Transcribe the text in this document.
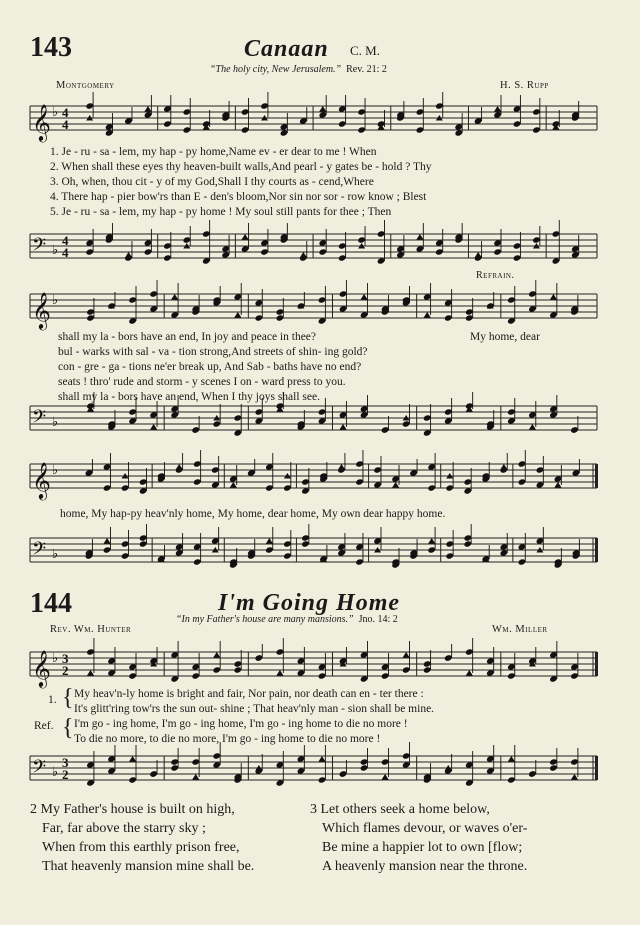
143	Canaan C. M.
“The holy city, New Jerusalem.” Rev. 21: 2
Montgomery	H. S. Rupp
𝄞 ♭ 4
4
1. Je - ru - sa - lem, my hap - py home,Name ev - er dear to me ! When
2. When shall these eyes thy heaven-built walls,And pearl - y gates be - hold ? Thy
3. Oh, when, thou cit - y of my God,Shall I thy courts as - cend,Where
4. There hap - pier bow'rs than E - den's bloom,Nor sin nor sor - row know ; Blest
5. Je - ru - sa - lem, my hap - py home ! My soul still pants for thee ; Then
𝄢 ♭
4
4
Refrain.
𝄞 ♭
shall my la - bors have an end, In joy and peace in thee?
bul - warks with sal - va - tion strong,And streets of shin- ing gold?
con - gre - ga - tions ne'er break up, And Sab - baths have no end?
seats ! thro' rude and storm - y scenes I on - ward press to you.
shall my la - bors have an end, When I thy joys shall see.
My home, dear
𝄢 ♭
𝄞 ♭
home, My hap-py heav'nly home, My home, dear home, My own dear happy home.
𝄢 ♭
144	I'm Going Home
“In my Father's house are many mansions.” Jno. 14: 2
Rev. Wm. Hunter	Wm. Miller
𝄞 ♭ 3
2
1.
Ref.
{
{
My heav'n-ly home is bright and fair, Nor pain, nor death can en - ter there :
It's glitt'ring tow'rs the sun out- shine ; That heav'nly man - sion shall be mine.
I'm go - ing home, I'm go - ing home, I'm go - ing home to die no more !
To die no more, to die no more, I'm go - ing home to die no more !
𝄢 ♭
3
2
2 My Father's house is built on high,
Far, far above the starry sky ;
When from this earthly prison free,
That heavenly mansion mine shall be.
3 Let others seek a home below,
Which flames devour, or waves o'er-
Be mine a happier lot to own [flow;
A heavenly mansion near the throne.
